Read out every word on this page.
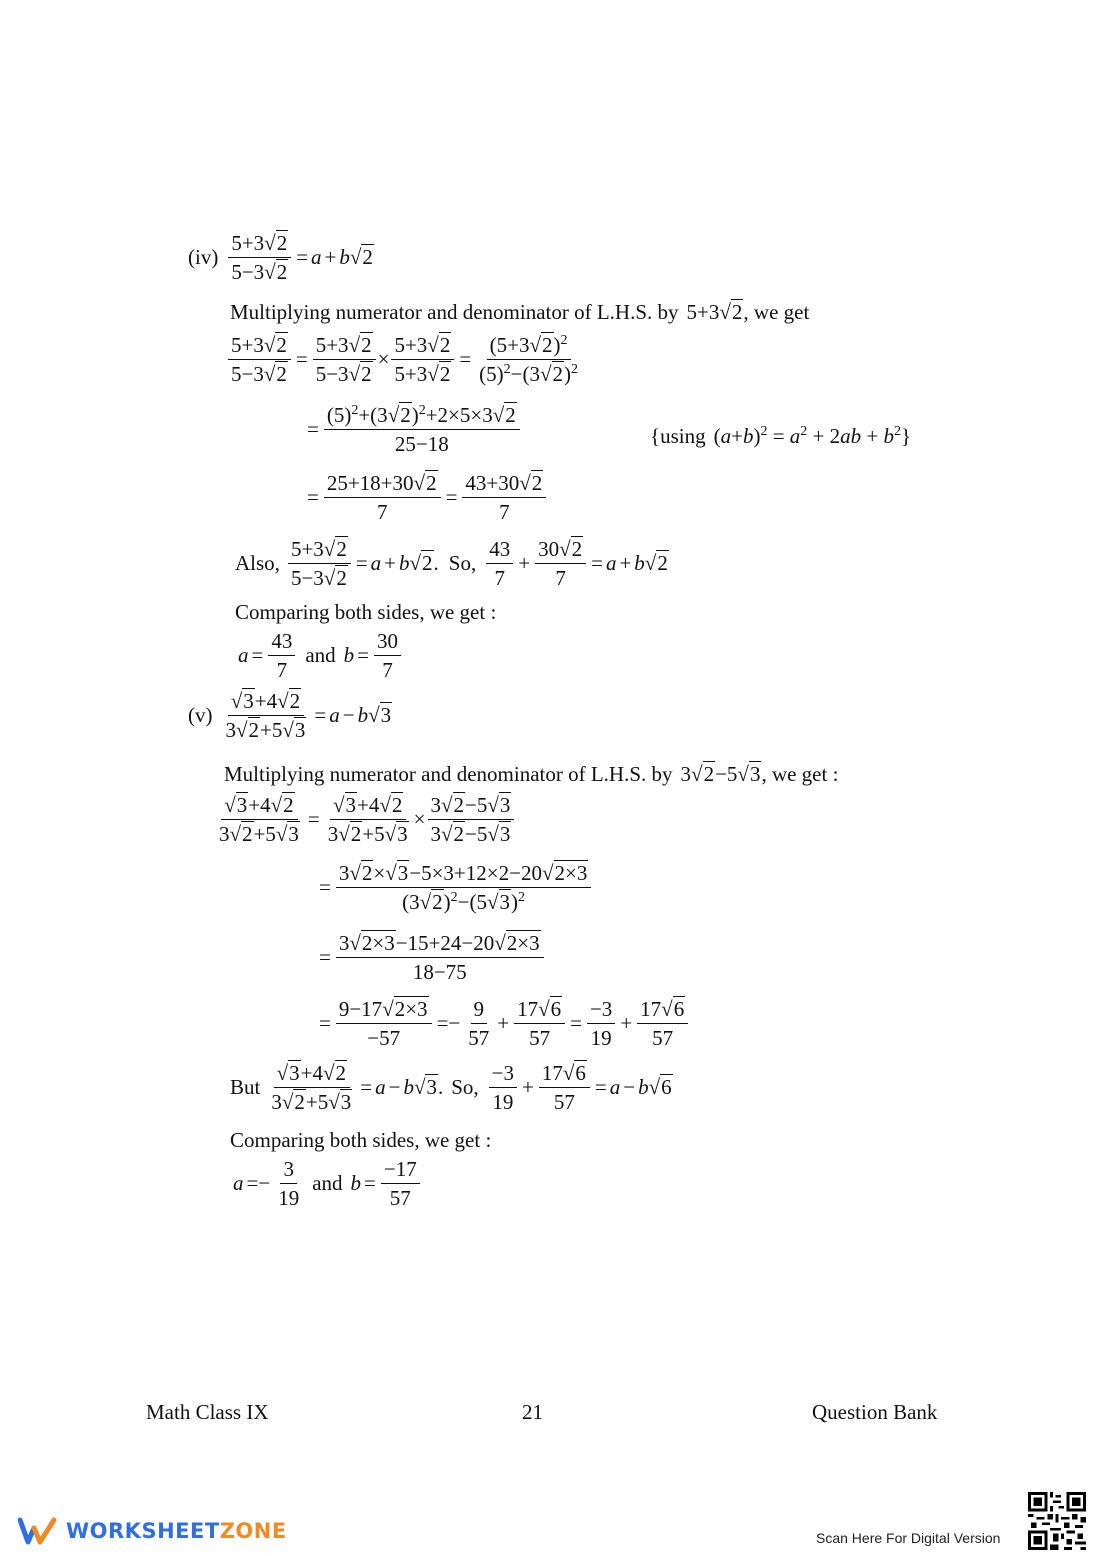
$(iv) \frac{5+3√2}{5-3√2} = a + b$ √2
Multiplying numerator and denominator of L.H.S. by 5+3√2 , we get
$\frac{5+3√2}{5-3√2} = \frac{5+3√2}{5-3√2} \times \frac{5+3√2}{5+3√2} = \frac{(5+3√2)^2}{(5)^2-(3√2)^2}$
= $\frac{(5)^2+(3√2)^2+2\times 5\times 3√2}{25-18}$	{using $(a+b)^2 = a^2 + 2ab + b^2$}
= $\frac{25+18+30√2}{7} = \frac{43+30√2}{7}$
Also, $\frac{5+3√2}{5-3√2} = a + b$ √2 . So, $\frac{43}{7} + \frac{30√2}{7} = a + b$ √2
Comparing both sides, we get :
$a = \frac{43}{7}$ and $b = \frac{30}{7}$
$(v) \frac{√3+4√2}{3√2+5√3} = a - b$ √3
Multiplying numerator and denominator of L.H.S. by 3√2−5√3 , we get :
$\frac{√3+4√2}{3√2+5√3} = \frac{√3+4√2}{3√2+5√3} \times \frac{3√2-5√3}{3√2-5√3}$
= $\frac{3√2\times√3-5\times 3+12\times 2-20√2\times 3}{(3√2)^2-(5√3)^2}$
= $\frac{3√2\times 3-15+24-20√2\times 3}{18-75}$
= $\frac{9-17√2\times 3}{-57} =- \frac{9}{57} + \frac{17√6}{57} = \frac{-3}{19} + \frac{17√6}{57}$
But $\frac{√3+4√2}{3√2+5√3} = a - b$ √3 . So, $\frac{-3}{19} + \frac{17√6}{57} = a - b$ √6
Comparing both sides, we get :
$a =- \frac{3}{19}$ and $b = \frac{-17}{57}$
Math Class IX	21	Question Bank
WORKSHEETZONE	Scan Here For Digital Version
